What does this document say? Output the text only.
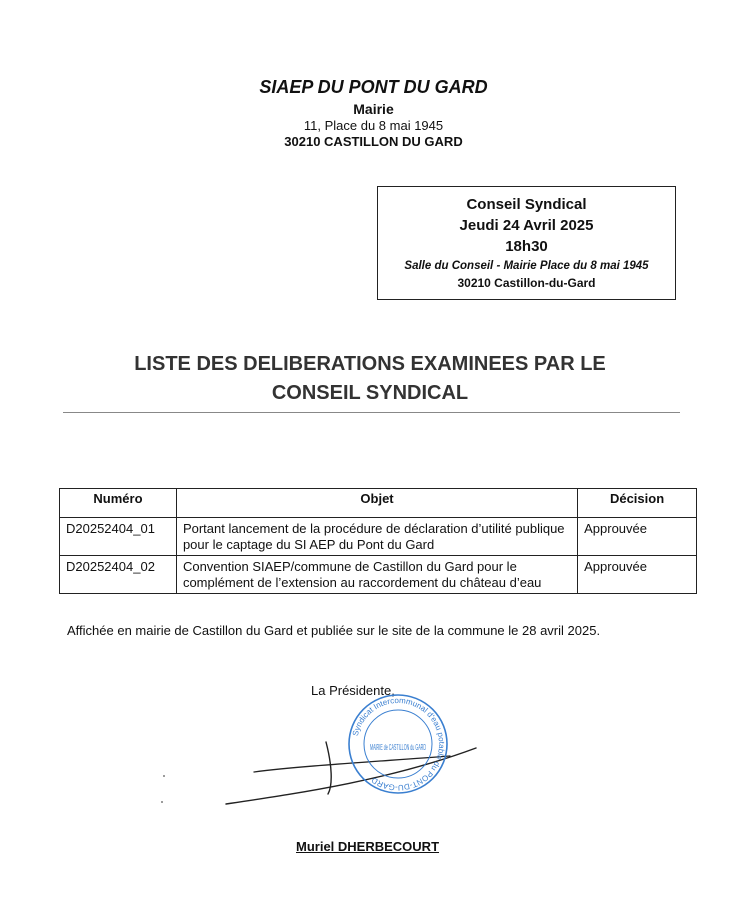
SIAEP DU PONT DU GARD
Mairie
11, Place du 8 mai 1945
30210 CASTILLON DU GARD
Conseil Syndical
Jeudi 24 Avril 2025
18h30
Salle du Conseil - Mairie Place du 8 mai 1945
30210 Castillon-du-Gard
LISTE DES DELIBERATIONS EXAMINEES PAR LE
CONSEIL SYNDICAL
Numéro	Objet	Décision
D20252404_01	Portant lancement de la procédure de déclaration d’utilité publique pour le captage du SI AEP du Pont du Gard	Approuvée
D20252404_02	Convention SIAEP/commune de Castillon du Gard pour le complément de l’extension au raccordement du château d’eau	Approuvée
Affichée en mairie de Castillon du Gard et publiée sur le site de la commune le 28 avril 2025.
La Présidente,
Syndicat Intercommunal d'eau potable du PONT-DU-GARD
MAIRIE de CASTILLON du GARD
Muriel DHERBECOURT
